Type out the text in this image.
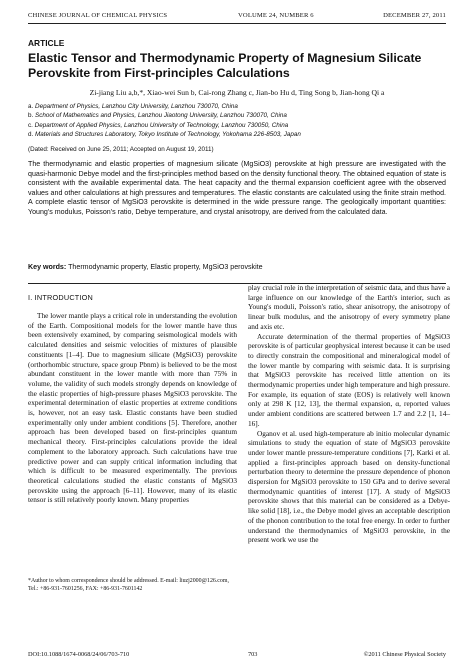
CHINESE JOURNAL OF CHEMICAL PHYSICS	VOLUME 24, NUMBER 6	DECEMBER 27, 2011
ARTICLE
Elastic Tensor and Thermodynamic Property of Magnesium Silicate Perovskite from First-principles Calculations
Zi-jiang Liu a,b,*, Xiao-wei Sun b, Cai-rong Zhang c, Jian-bo Hu d, Ting Song b, Jian-hong Qi a
a. Department of Physics, Lanzhou City University, Lanzhou 730070, China
b. School of Mathematics and Physics, Lanzhou Jiaotong University, Lanzhou 730070, China
c. Department of Applied Physics, Lanzhou University of Technology, Lanzhou 730050, China
d. Materials and Structures Laboratory, Tokyo Institute of Technology, Yokohama 226-8503, Japan
(Dated: Received on June 25, 2011; Accepted on August 19, 2011)

The thermodynamic and elastic properties of magnesium silicate (MgSiO3) perovskite at high pressure are investigated with the quasi-harmonic Debye model and the first-principles method based on the density functional theory. The obtained equation of state is consistent with the available experimental data. The heat capacity and the thermal expansion coefficient agree with the observed values and other calculations at high pressures and temperatures. The elastic constants are calculated using the finite strain method. A complete elastic tensor of MgSiO3 perovskite is determined in the wide pressure range. The geologically important quantities: Young's modulus, Poisson's ratio, Debye temperature, and crystal anisotropy, are derived from the calculated data.

Key words: Thermodynamic property, Elastic property, MgSiO3 perovskite
I. INTRODUCTION

The lower mantle plays a critical role in understanding the evolution of the Earth. Compositional models for the lower mantle have thus been extensively examined, by comparing seismological models with calculated densities and seismic velocities of mixtures of plausible constituents [1–4]. Due to magnesium silicate (MgSiO3) perovskite (orthorhombic structure, space group Pbnm) is believed to be the most abundant constituent in the lower mantle with more than 75% in volume, the validity of such models strongly depends on knowledge of the elastic properties of high-pressure phases MgSiO3 perovskite. The experimental determination of elastic properties at extreme conditions is, however, not an easy task. Elastic constants have been studied experimentally only under ambient conditions [5]. Therefore, another approach has been developed based on first-principles quantum mechanical theory. First-principles calculations provide the ideal complement to the laboratory approach. Such calculations have true predictive power and can supply critical information including that which is difficult to be measured experimentally. The previous theoretical calculations studied the elastic constants of MgSiO3 perovskite using the approach [6–11]. However, many of its elastic tensor is still relatively poorly known. Many properties

play crucial role in the interpretation of seismic data, and thus have a large influence on our knowledge of the Earth's interior, such as Young's moduli, Poisson's ratio, shear anisotropy, the anisotropy of linear bulk modulus, and the anisotropy of every symmetry plane and axis etc.
Accurate determination of the thermal properties of MgSiO3 perovskite is of particular geophysical interest because it can be used to directly constrain the compositional and mineralogical model of the lower mantle by comparing with seismic data. It is surprising that MgSiO3 perovskite has received little attention on its thermodynamic properties under high temperature and high pressure. For example, its equation of state (EOS) is relatively well known only at 298 K [12, 13], the thermal expansion, α, reported values under ambient conditions are scattered between 1.7 and 2.2 [1, 14–16].
Oganov et al. used high-temperature ab initio molecular dynamic simulations to study the equation of state of MgSiO3 perovskite under lower mantle pressure-temperature conditions [7], Karki et al. applied a first-principles approach based on density-functional perturbation theory to determine the pressure dependence of phonon dispersion for MgSiO3 perovskite to 150 GPa and to derive several thermodynamic quantities of interest [17]. A study of MgSiO3 perovskite shows that this material can be considered as a Debye-like solid [18], i.e., the Debye model gives an acceptable description of the phonon contribution to the total free energy. In order to further understand the thermodynamics of MgSiO3 perovskite, in the present work we use the
*Author to whom correspondence should be addressed. E-mail: liuzj2000@126.com, Tel.: +86-931-7601256, FAX: +86-931-7601142
DOI:10.1088/1674-0068/24/06/703-710	703	©2011 Chinese Physical Society
